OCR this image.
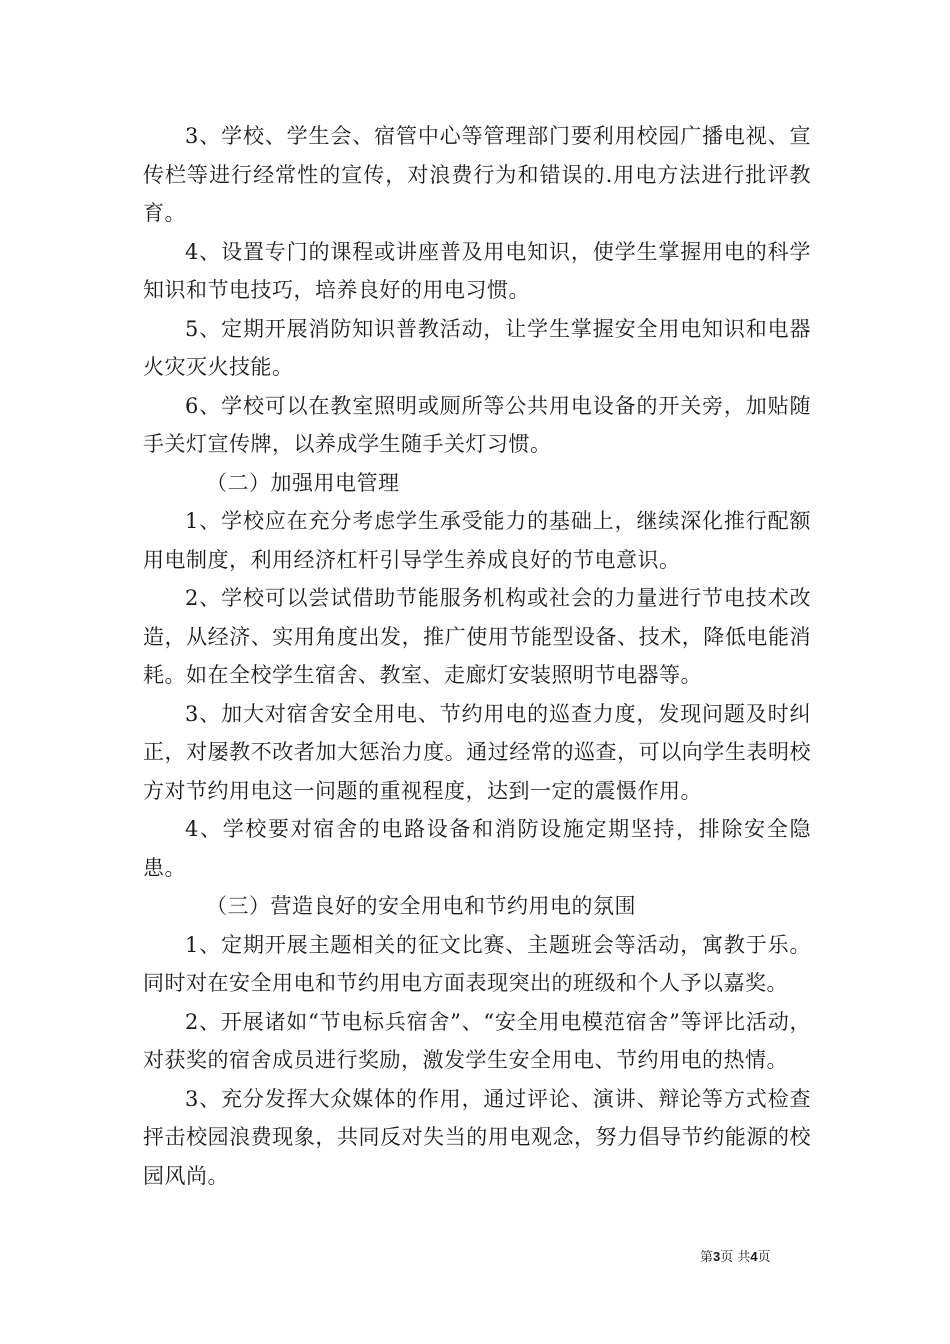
3、学校、学生会、宿管中心等管理部门要利用校园广播电视、宣传栏等进行经常性的宣传，对浪费行为和错误的.用电方法进行批评教育。

4、设置专门的课程或讲座普及用电知识，使学生掌握用电的科学知识和节电技巧，培养良好的用电习惯。

5、定期开展消防知识普教活动，让学生掌握安全用电知识和电器火灾灭火技能。

6、学校可以在教室照明或厕所等公共用电设备的开关旁，加贴随手关灯宣传牌，以养成学生随手关灯习惯。

（二）加强用电管理

1、学校应在充分考虑学生承受能力的基础上，继续深化推行配额用电制度，利用经济杠杆引导学生养成良好的节电意识。

2、学校可以尝试借助节能服务机构或社会的力量进行节电技术改造，从经济、实用角度出发，推广使用节能型设备、技术，降低电能消耗。如在全校学生宿舍、教室、走廊灯安装照明节电器等。

3、加大对宿舍安全用电、节约用电的巡查力度，发现问题及时纠正，对屡教不改者加大惩治力度。通过经常的巡查，可以向学生表明校方对节约用电这一问题的重视程度，达到一定的震慑作用。

4、学校要对宿舍的电路设备和消防设施定期坚持，排除安全隐患。

（三）营造良好的安全用电和节约用电的氛围

1、定期开展主题相关的征文比赛、主题班会等活动，寓教于乐。同时对在安全用电和节约用电方面表现突出的班级和个人予以嘉奖。

2、开展诸如“节电标兵宿舍”、“安全用电模范宿舍”等评比活动，对获奖的宿舍成员进行奖励，激发学生安全用电、节约用电的热情。

3、充分发挥大众媒体的作用，通过评论、演讲、辩论等方式检查抨击校园浪费现象，共同反对失当的用电观念，努力倡导节约能源的校园风尚。

第3页 共4页
